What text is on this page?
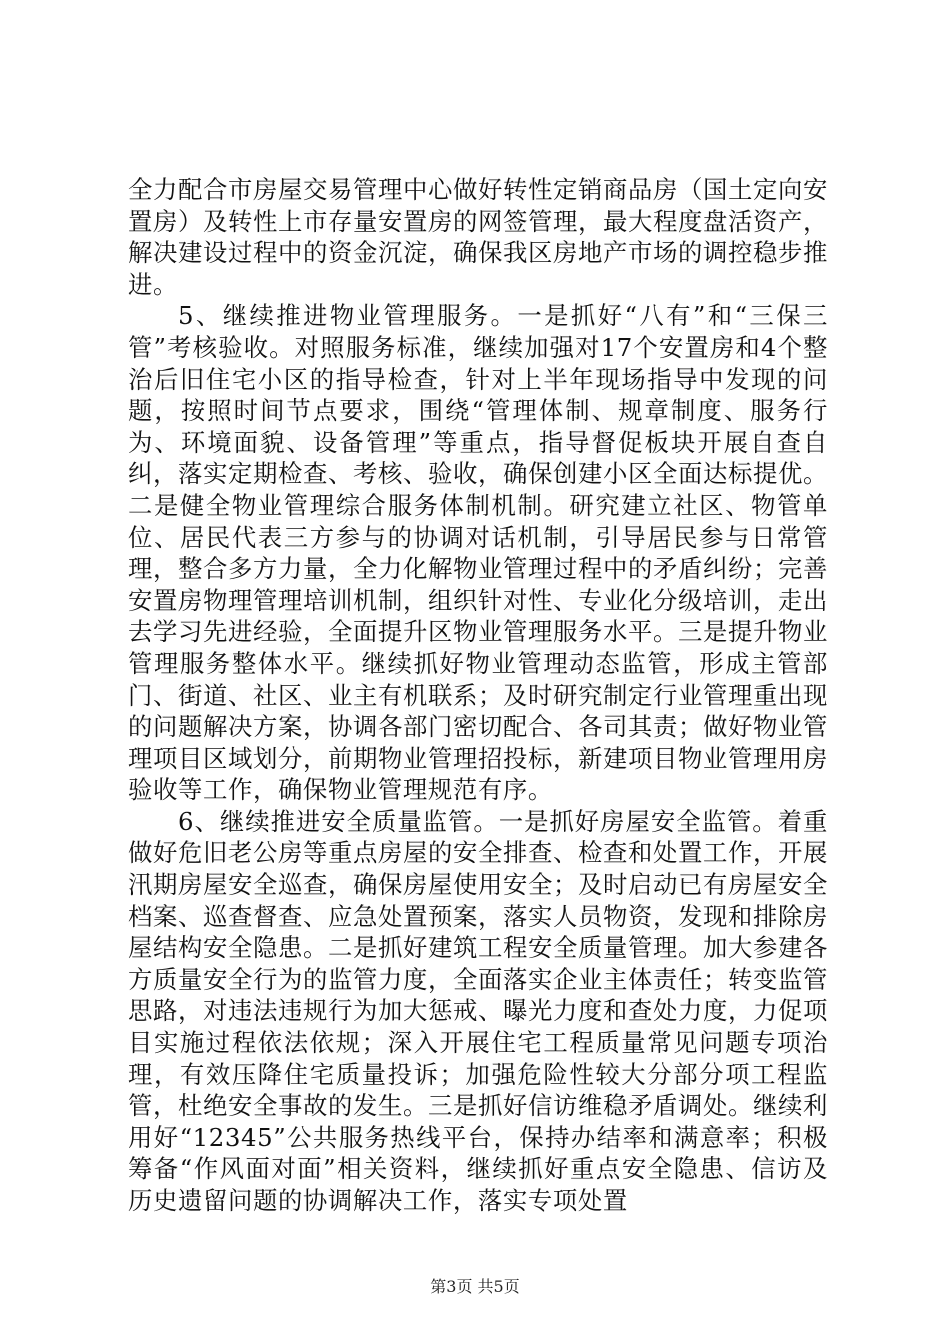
全力配合市房屋交易管理中心做好转性定销商品房（国土定向安置房）及转性上市存量安置房的网签管理，最大程度盘活资产，解决建设过程中的资金沉淀，确保我区房地产市场的调控稳步推进。

5、继续推进物业管理服务。一是抓好“八有”和“三保三管”考核验收。对照服务标准，继续加强对17个安置房和4个整治后旧住宅小区的指导检查，针对上半年现场指导中发现的问题，按照时间节点要求，围绕“管理体制、规章制度、服务行为、环境面貌、设备管理”等重点，指导督促板块开展自查自纠，落实定期检查、考核、验收，确保创建小区全面达标提优。二是健全物业管理综合服务体制机制。研究建立社区、物管单位、居民代表三方参与的协调对话机制，引导居民参与日常管理，整合多方力量，全力化解物业管理过程中的矛盾纠纷；完善安置房物理管理培训机制，组织针对性、专业化分级培训，走出去学习先进经验，全面提升区物业管理服务水平。三是提升物业管理服务整体水平。继续抓好物业管理动态监管，形成主管部门、街道、社区、业主有机联系；及时研究制定行业管理重出现的问题解决方案，协调各部门密切配合、各司其责；做好物业管理项目区域划分，前期物业管理招投标，新建项目物业管理用房验收等工作，确保物业管理规范有序。

6、继续推进安全质量监管。一是抓好房屋安全监管。着重做好危旧老公房等重点房屋的安全排查、检查和处置工作，开展汛期房屋安全巡查，确保房屋使用安全；及时启动已有房屋安全档案、巡查督查、应急处置预案，落实人员物资，发现和排除房屋结构安全隐患。二是抓好建筑工程安全质量管理。加大参建各方质量安全行为的监管力度，全面落实企业主体责任；转变监管思路，对违法违规行为加大惩戒、曝光力度和查处力度，力促项目实施过程依法依规；深入开展住宅工程质量常见问题专项治理，有效压降住宅质量投诉；加强危险性较大分部分项工程监管，杜绝安全事故的发生。三是抓好信访维稳矛盾调处。继续利用好“12345”公共服务热线平台，保持办结率和满意率；积极筹备“作风面对面”相关资料，继续抓好重点安全隐患、信访及历史遗留问题的协调解决工作，落实专项处置

第3页 共5页
